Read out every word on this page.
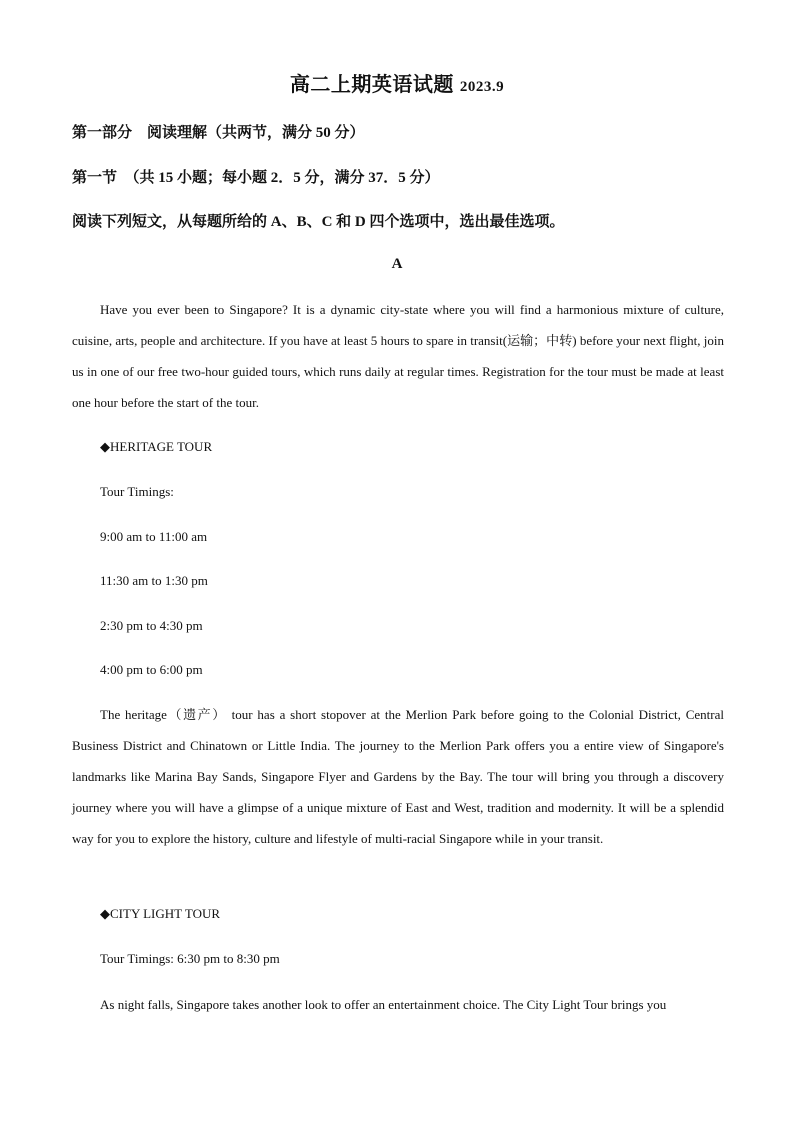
高二上期英语试题 2023.9
第一部分　阅读理解（共两节，满分 50 分）
第一节　（共 15 小题；每小题 2．5 分，满分 37．5 分）
阅读下列短文，从每题所给的 A、B、C 和 D 四个选项中，选出最佳选项。
A
Have you ever been to Singapore? It is a dynamic city-state where you will find a harmonious mixture of culture, cuisine, arts, people and architecture. If you have at least 5 hours to spare in transit(运输；中转) before your next flight, join us in one of our free two-hour guided tours, which runs daily at regular times. Registration for the tour must be made at least one hour before the start of the tour.
◆HERITAGE TOUR
Tour Timings:
9:00 am to 11:00 am
11:30 am to 1:30 pm
2:30 pm to 4:30 pm
4:00 pm to 6:00 pm
The heritage（遗产） tour has a short stopover at the Merlion Park before going to the Colonial District, Central Business District and Chinatown or Little India. The journey to the Merlion Park offers you a entire view of Singapore's landmarks like Marina Bay Sands, Singapore Flyer and Gardens by the Bay. The tour will bring you through a discovery journey where you will have a glimpse of a unique mixture of East and West, tradition and modernity. It will be a splendid way for you to explore the history, culture and lifestyle of multi-racial Singapore while in your transit.
◆CITY LIGHT TOUR
Tour Timings: 6:30 pm to 8:30 pm
As night falls, Singapore takes another look to offer an entertainment choice. The City Light Tour brings you
